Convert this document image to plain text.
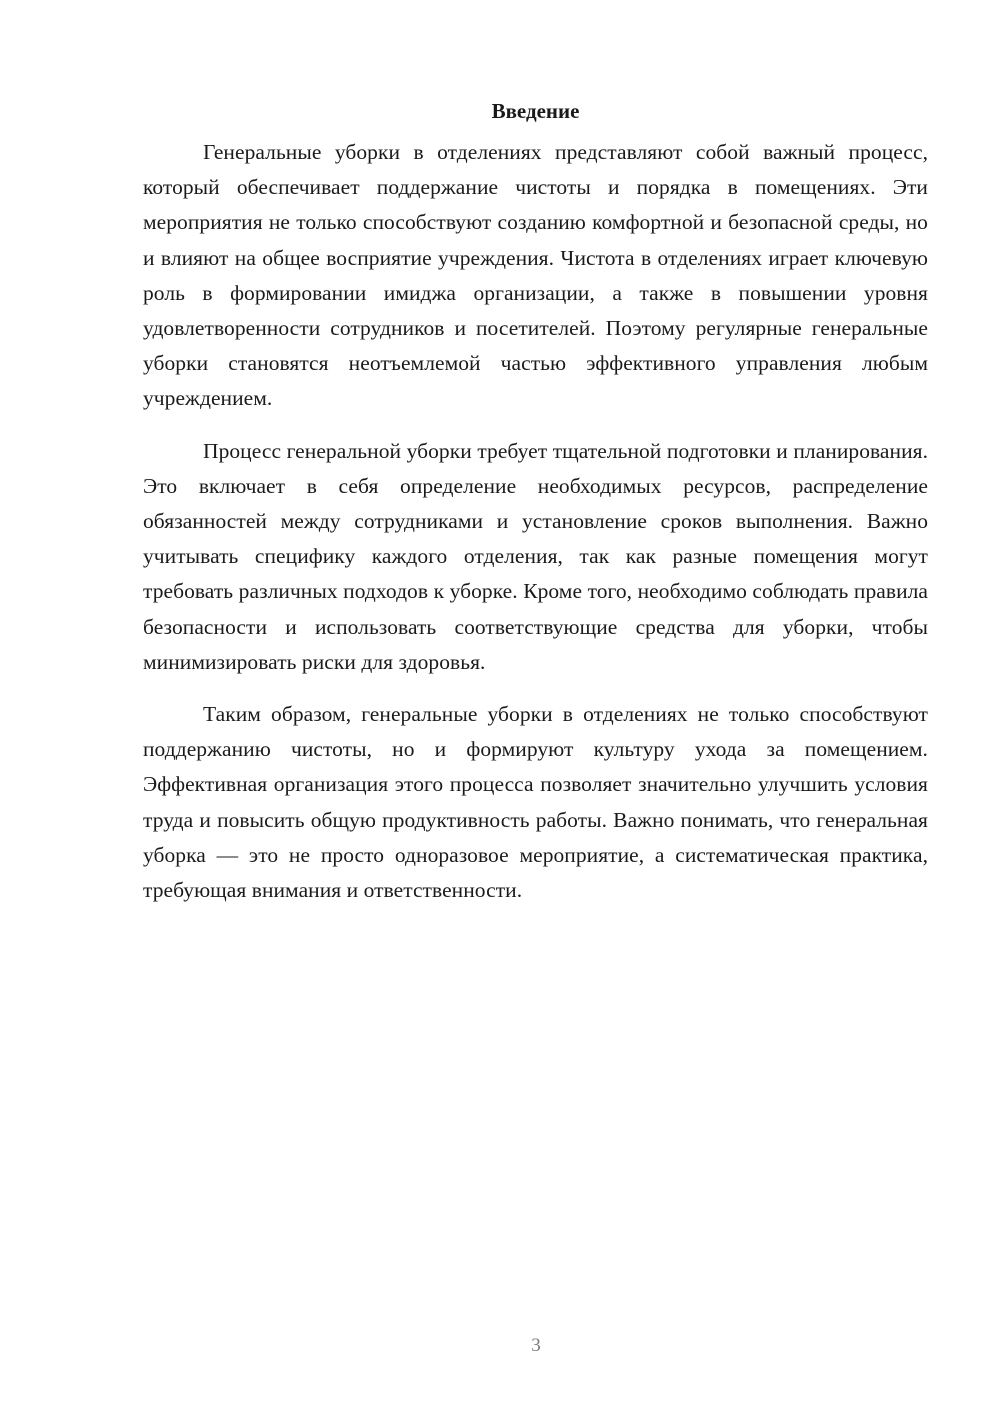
Введение

Генеральные уборки в отделениях представляют собой важный процесс, который обеспечивает поддержание чистоты и порядка в помещениях. Эти мероприятия не только способствуют созданию комфортной и безопасной среды, но и влияют на общее восприятие учреждения. Чистота в отделениях играет ключевую роль в формировании имиджа организации, а также в повышении уровня удовлетворенности сотрудников и посетителей. Поэтому регулярные генеральные уборки становятся неотъемлемой частью эффективного управления любым учреждением.

Процесс генеральной уборки требует тщательной подготовки и планирования. Это включает в себя определение необходимых ресурсов, распределение обязанностей между сотрудниками и установление сроков выполнения. Важно учитывать специфику каждого отделения, так как разные помещения могут требовать различных подходов к уборке. Кроме того, необходимо соблюдать правила безопасности и использовать соответствующие средства для уборки, чтобы минимизировать риски для здоровья.

Таким образом, генеральные уборки в отделениях не только способствуют поддержанию чистоты, но и формируют культуру ухода за помещением. Эффективная организация этого процесса позволяет значительно улучшить условия труда и повысить общую продуктивность работы. Важно понимать, что генеральная уборка — это не просто одноразовое мероприятие, а систематическая практика, требующая внимания и ответственности.

3
